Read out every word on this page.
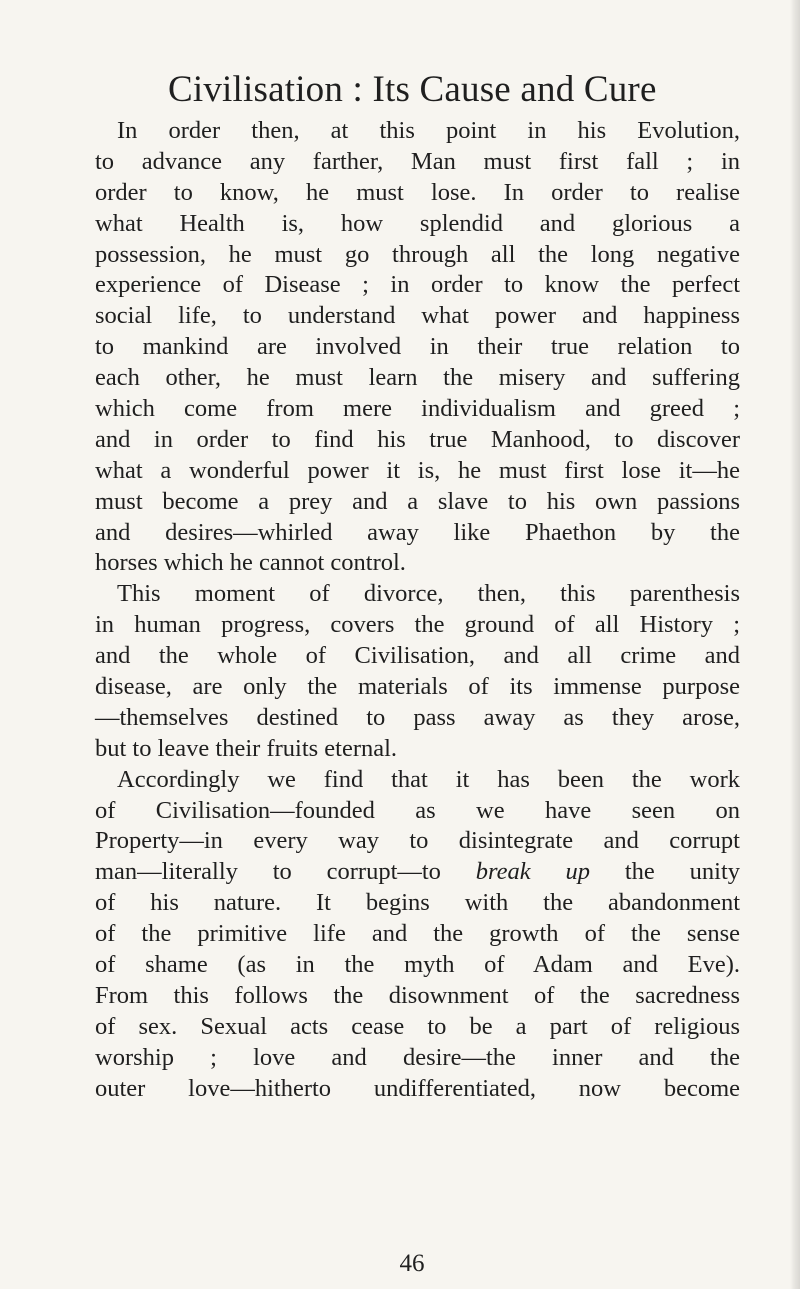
Civilisation : Its Cause and Cure
In order then, at this point in his Evolution,
to advance any farther, Man must first fall ; in
order to know, he must lose. In order to realise
what Health is, how splendid and glorious a
possession, he must go through all the long negative
experience of Disease ; in order to know the perfect
social life, to understand what power and happiness
to mankind are involved in their true relation to
each other, he must learn the misery and suffering
which come from mere individualism and greed ;
and in order to find his true Manhood, to discover
what a wonderful power it is, he must first lose it—he
must become a prey and a slave to his own passions
and desires—whirled away like Phaethon by the
horses which he cannot control.
This moment of divorce, then, this parenthesis
in human progress, covers the ground of all History ;
and the whole of Civilisation, and all crime and
disease, are only the materials of its immense purpose
—themselves destined to pass away as they arose,
but to leave their fruits eternal.
Accordingly we find that it has been the work
of Civilisation—founded as we have seen on
Property—in every way to disintegrate and corrupt
man—literally to corrupt—to break up the unity
of his nature. It begins with the abandonment
of the primitive life and the growth of the sense
of shame (as in the myth of Adam and Eve).
From this follows the disownment of the sacredness
of sex. Sexual acts cease to be a part of religious
worship ; love and desire—the inner and the
outer love—hitherto undifferentiated, now become
46
